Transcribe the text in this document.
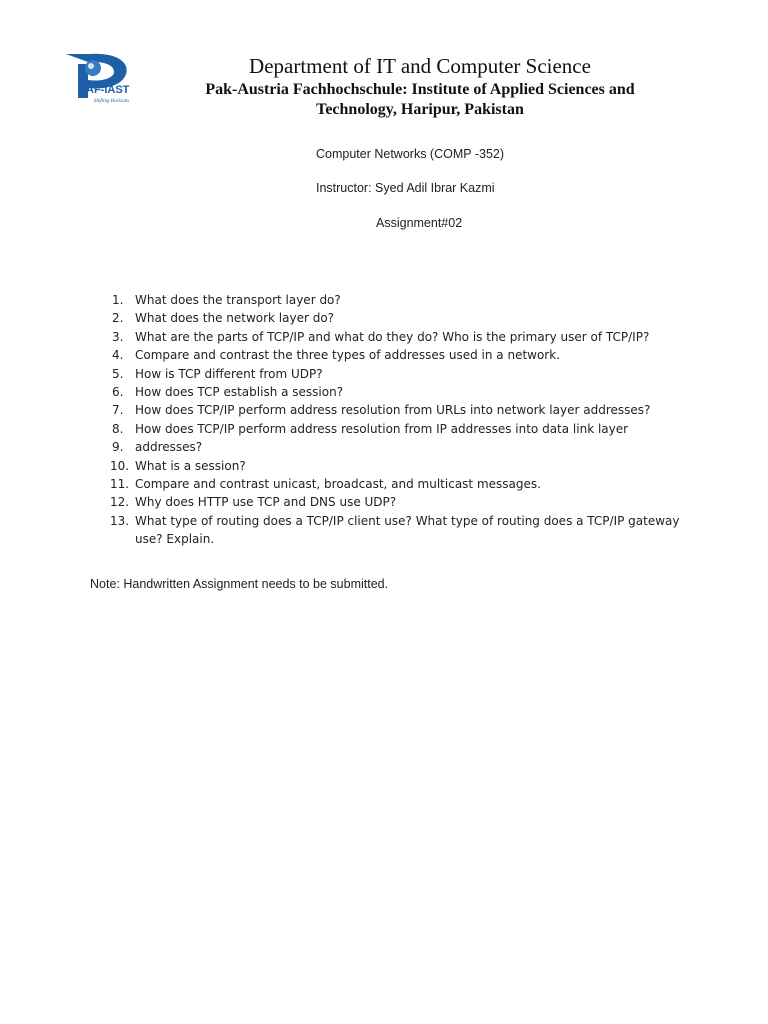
AF-IAST
Shifting Horizons
Department of IT and Computer Science
Pak-Austria Fachhochschule: Institute of Applied Sciences and
Technology, Haripur, Pakistan
Computer Networks (COMP -352)
Instructor: Syed Adil Ibrar Kazmi
Assignment#02
1. What does the transport layer do?
2. What does the network layer do?
3. What are the parts of TCP/IP and what do they do? Who is the primary user of TCP/IP?
4. Compare and contrast the three types of addresses used in a network.
5. How is TCP different from UDP?
6. How does TCP establish a session?
7. How does TCP/IP perform address resolution from URLs into network layer addresses?
8. How does TCP/IP perform address resolution from IP addresses into data link layer
9. addresses?
10. What is a session?
11. Compare and contrast unicast, broadcast, and multicast messages.
12. Why does HTTP use TCP and DNS use UDP?
13. What type of routing does a TCP/IP client use? What type of routing does a TCP/IP gateway
use? Explain.
Note: Handwritten Assignment needs to be submitted.
